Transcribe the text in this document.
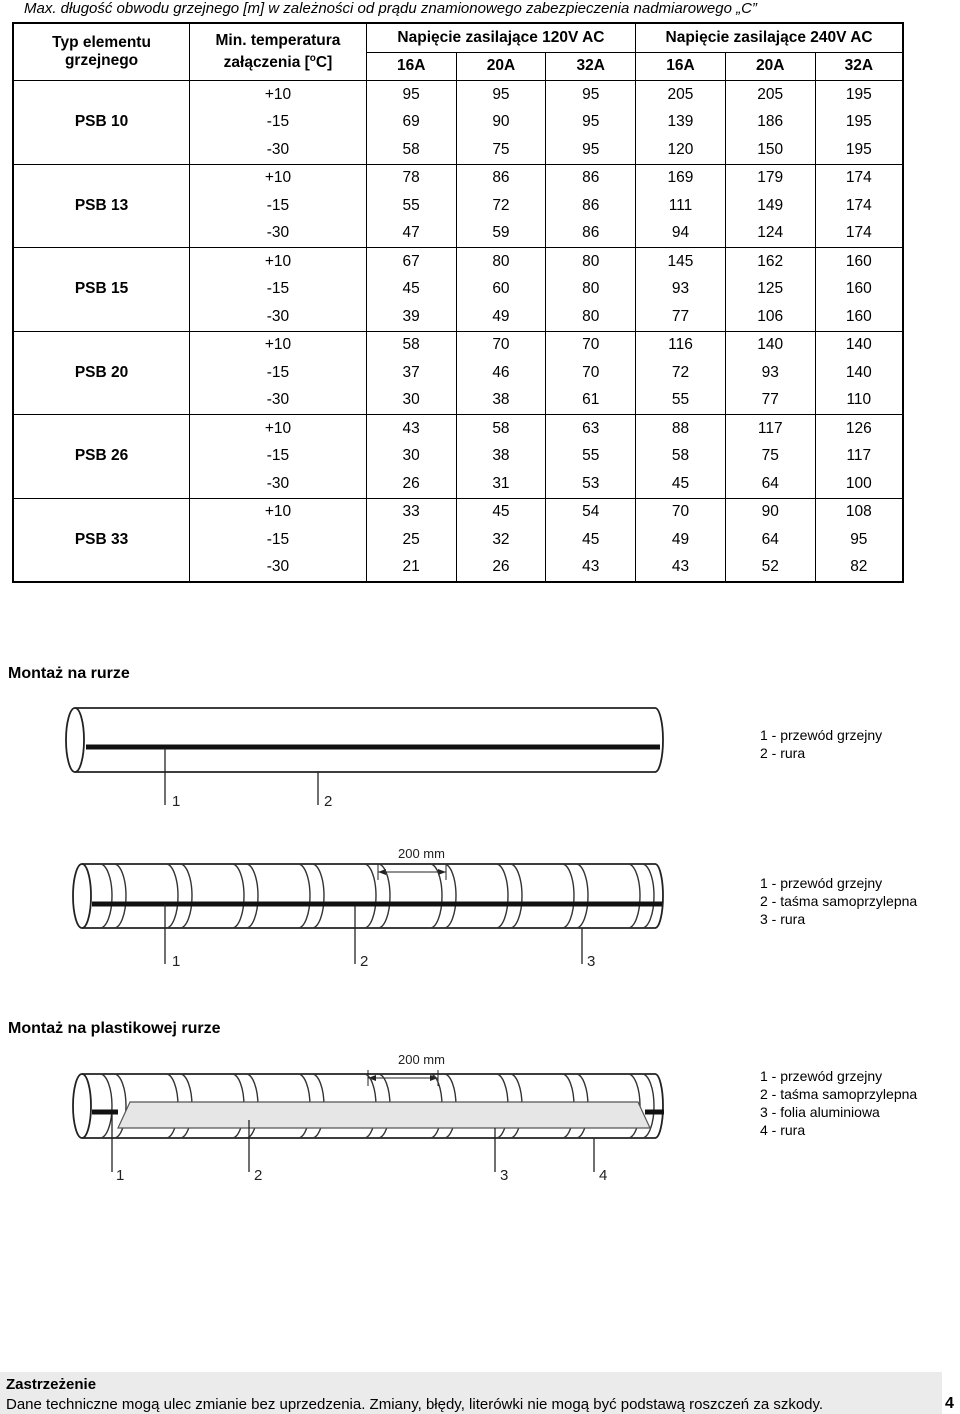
Max. długość obwodu grzejnego [m] w zależności od prądu znamionowego zabezpieczenia nadmiarowego „C”
Typ elementu
grzejnego	Min. temperatura
załączenia [$^o$C]	Napięcie zasilające 120V AC			Napięcie zasilające 240V AC		
		16A	20A	32A	16A	20A	32A
PSB 10	+10	95	95	95	205	205	195
	-15	69	90	95	139	186	195
	-30	58	75	95	120	150	195
PSB 13	+10	78	86	86	169	179	174
	-15	55	72	86	111	149	174
	-30	47	59	86	94	124	174
PSB 15	+10	67	80	80	145	162	160
	-15	45	60	80	93	125	160
	-30	39	49	80	77	106	160
PSB 20	+10	58	70	70	116	140	140
	-15	37	46	70	72	93	140
	-30	30	38	61	55	77	110
PSB 26	+10	43	58	63	88	117	126
	-15	30	38	55	58	75	117
	-30	26	31	53	45	64	100
PSB 33	+10	33	45	54	70	90	108
	-15	25	32	45	49	64	95
	-30	21	26	43	43	52	82
Montaż na rurze
1	2
1 - przewód grzejny
2 - rura
200 mm
1	2	3
1 - przewód grzejny
2 - taśma samoprzylepna
3 - rura
Montaż na plastikowej rurze
200 mm
1	2	3	4
1 - przewód grzejny
2 - taśma samoprzylepna
3 - folia aluminiowa
4 - rura
Zastrzeżenie
Dane techniczne mogą ulec zmianie bez uprzedzenia. Zmiany, błędy, literówki nie mogą być podstawą roszczeń za szkody.	4
